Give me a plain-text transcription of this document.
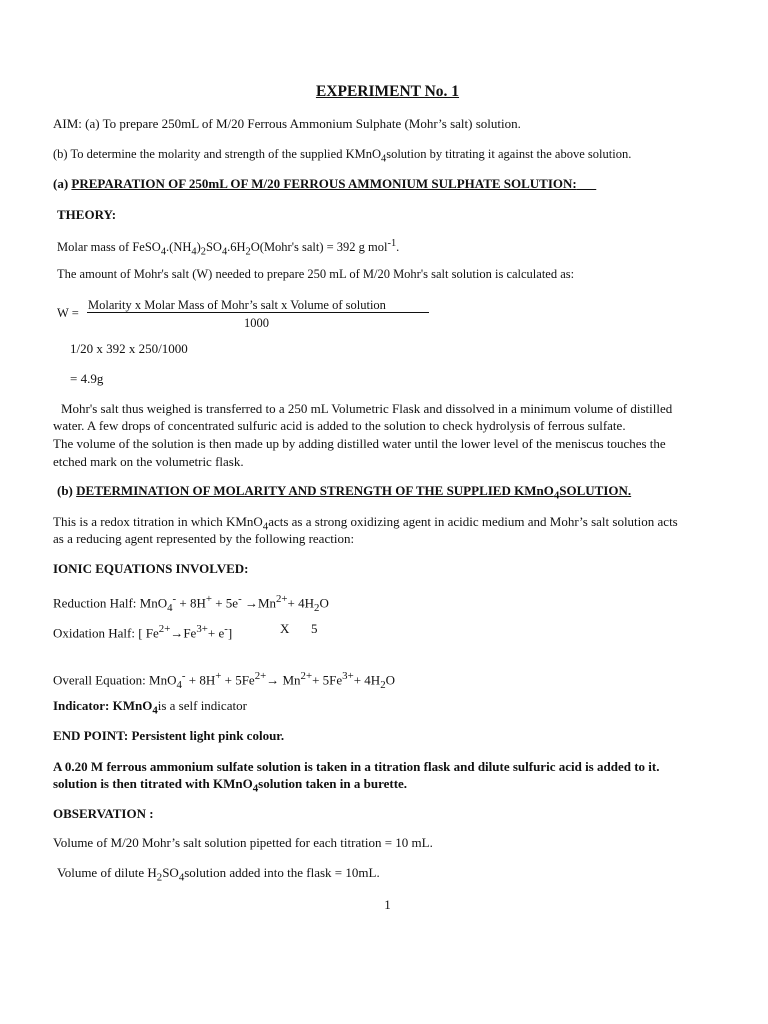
EXPERIMENT No. 1
AIM: (a) To prepare 250mL of M/20 Ferrous Ammonium Sulphate (Mohr’s salt) solution.
(b) To determine the molarity and strength of the supplied KMnO$_4$solution by titrating it against the above solution.
(a) PREPARATION OF 250mL OF M/20 FERROUS AMMONIUM SULPHATE SOLUTION:
THEORY:
Molar mass of $FeSO_4.(NH_4)_2SO_4.6H_2O(Mohr's$ salt) = 392 g mol$^{-1}$.
The amount of Mohr's salt (W) needed to prepare 250 mL of M/20 Mohr's salt solution is calculated as:
W =
Molarity x Molar Mass of Mohr’s salt x Volume of solution
1000
1/20 x 392 x 250/1000
= 4.9g
Mohr's salt thus weighed is transferred to a 250 mL Volumetric Flask and dissolved in a minimum volume of distilled
water. A few drops of concentrated sulfuric acid is added to the solution to check hydrolysis of ferrous sulfate.
The volume of the solution is then made up by adding distilled water until the lower level of the meniscus touches the
etched mark on the volumetric flask.
(b) DETERMINATION OF MOLARITY AND STRENGTH OF THE SUPPLIED KMnO$_4$SOLUTION.
This is a redox titration in which KMnO$_4$acts as a strong oxidizing agent in acidic medium and Mohr’s salt solution acts
as a reducing agent represented by the following reaction:
IONIC EQUATIONS INVOLVED:
Reduction Half: $MnO_4^- + 8H^+ + 5e^- \to Mn^{2+}+ 4H_2O$
Oxidation Half: [ $Fe^{2+}\to Fe^{3+}+ e^-$]	X 5
Overall Equation: $MnO_4^- + 8H^+ + 5Fe^{2+}\to Mn^{2+}+ 5Fe^{3+}+ 4H_2O$
Indicator: KMnO$_4$is a self indicator
END POINT: Persistent light pink colour.
A 0.20 M ferrous ammonium sulfate solution is taken in a titration flask and dilute sulfuric acid is added to it.
solution is then titrated with KMnO$_4$solution taken in a burette.
OBSERVATION :
Volume of M/20 Mohr’s salt solution pipetted for each titration = 10 mL.
Volume of dilute $H_2SO_4solution$ added into the flask = 10mL.
1
